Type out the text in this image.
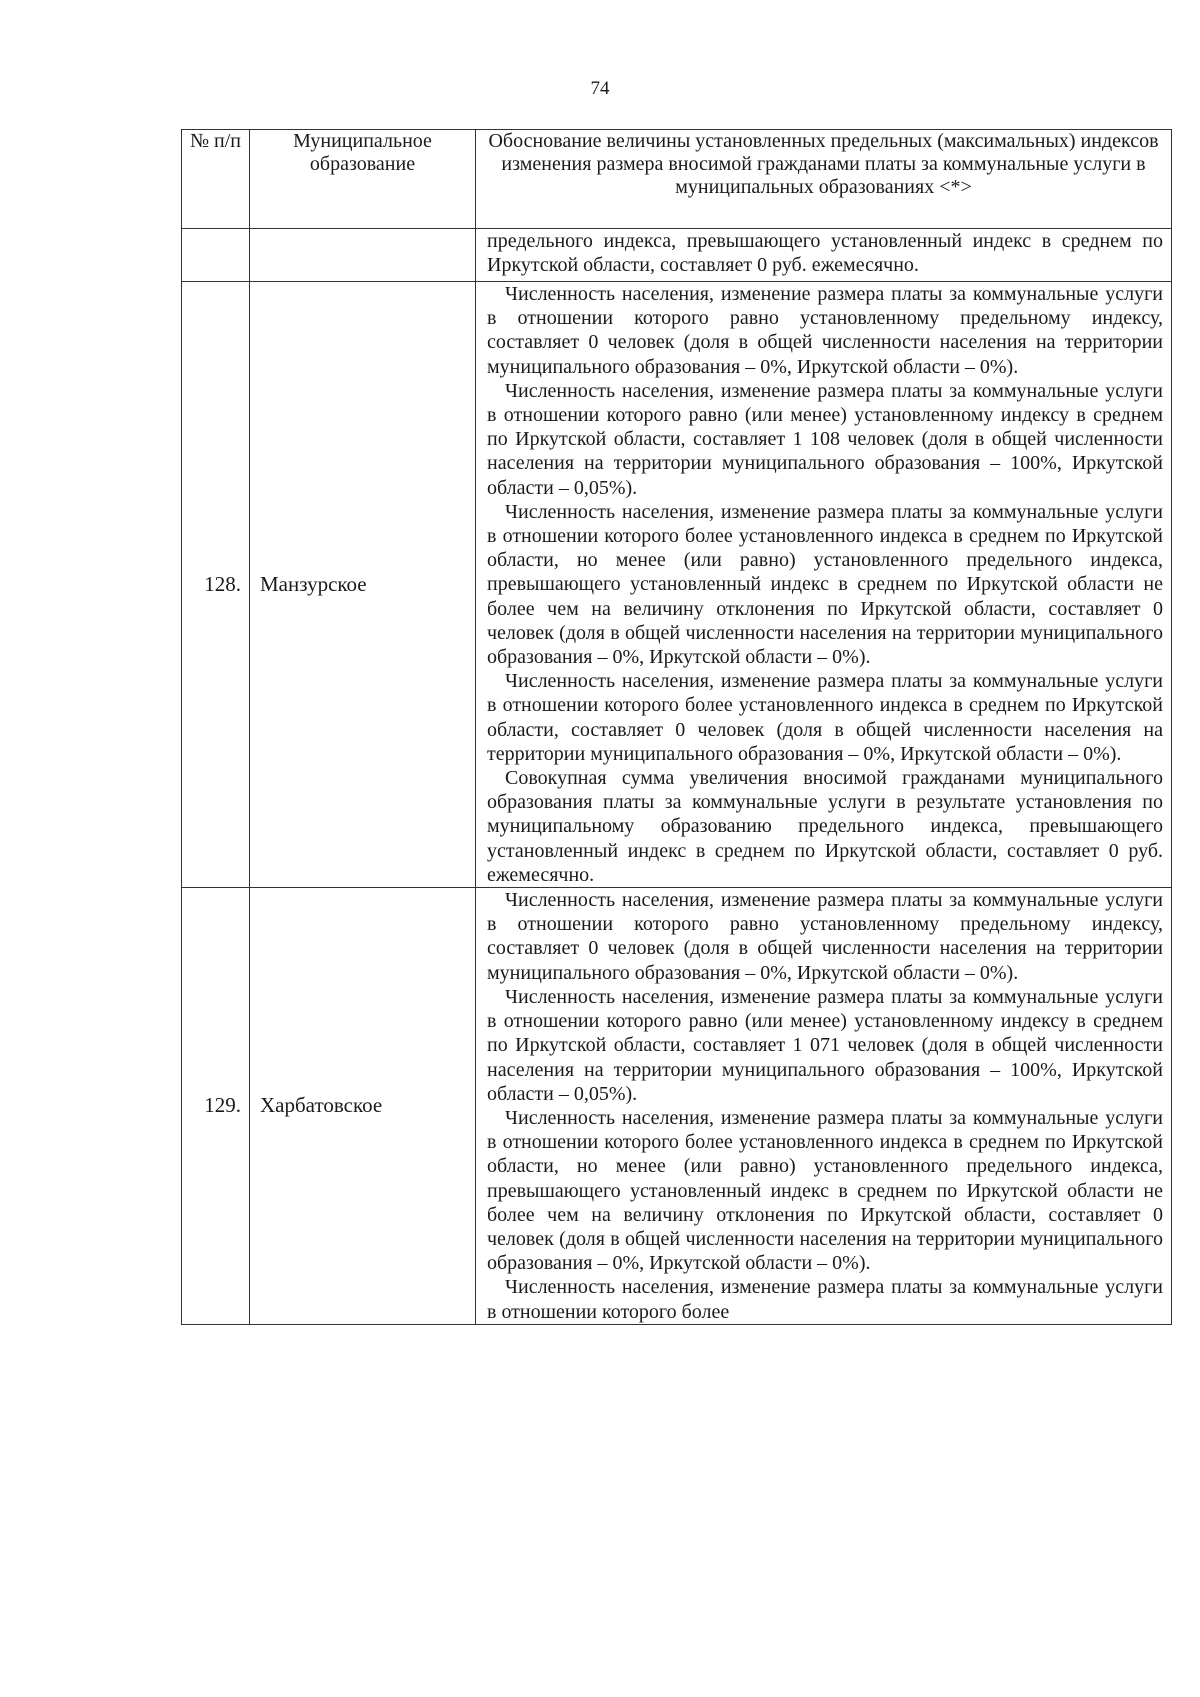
74
№ п/п	Муниципальное образование	Обоснование величины установленных предельных (максимальных) индексов изменения размера вносимой гражданами платы за коммунальные услуги в муниципальных образованиях <*>

		предельного индекса, превышающего установленный индекс в среднем по Иркутской области, составляет 0 руб. ежемесячно.

128.	Манзурское	Численность населения, изменение размера платы за коммунальные услуги в отношении которого равно установленному предельному индексу, составляет 0 человек (доля в общей численности населения на территории муниципального образования – 0%, Иркутской области – 0%).

Численность населения, изменение размера платы за коммунальные услуги в отношении которого равно (или менее) установленному индексу в среднем по Иркутской области, составляет 1 108 человек (доля в общей численности населения на территории муниципального образования – 100%, Иркутской области – 0,05%).

Численность населения, изменение размера платы за коммунальные услуги в отношении которого более установленного индекса в среднем по Иркутской области, но менее (или равно) установленного предельного индекса, превышающего установленный индекс в среднем по Иркутской области не более чем на величину отклонения по Иркутской области, составляет 0 человек (доля в общей численности населения на территории муниципального образования – 0%, Иркутской области – 0%).

Численность населения, изменение размера платы за коммунальные услуги в отношении которого более установленного индекса в среднем по Иркутской области, составляет 0 человек (доля в общей численности населения на территории муниципального образования – 0%, Иркутской области – 0%).

Совокупная сумма увеличения вносимой гражданами муниципального образования платы за коммунальные услуги в результате установления по муниципальному образованию предельного индекса, превышающего установленный индекс в среднем по Иркутской области, составляет 0 руб. ежемесячно.

129.	Харбатовское	Численность населения, изменение размера платы за коммунальные услуги в отношении которого равно установленному предельному индексу, составляет 0 человек (доля в общей численности населения на территории муниципального образования – 0%, Иркутской области – 0%).

Численность населения, изменение размера платы за коммунальные услуги в отношении которого равно (или менее) установленному индексу в среднем по Иркутской области, составляет 1 071 человек (доля в общей численности населения на территории муниципального образования – 100%, Иркутской области – 0,05%).

Численность населения, изменение размера платы за коммунальные услуги в отношении которого более установленного индекса в среднем по Иркутской области, но менее (или равно) установленного предельного индекса, превышающего установленный индекс в среднем по Иркутской области не более чем на величину отклонения по Иркутской области, составляет 0 человек (доля в общей численности населения на территории муниципального образования – 0%, Иркутской области – 0%).

Численность населения, изменение размера платы за коммунальные услуги в отношении которого более
